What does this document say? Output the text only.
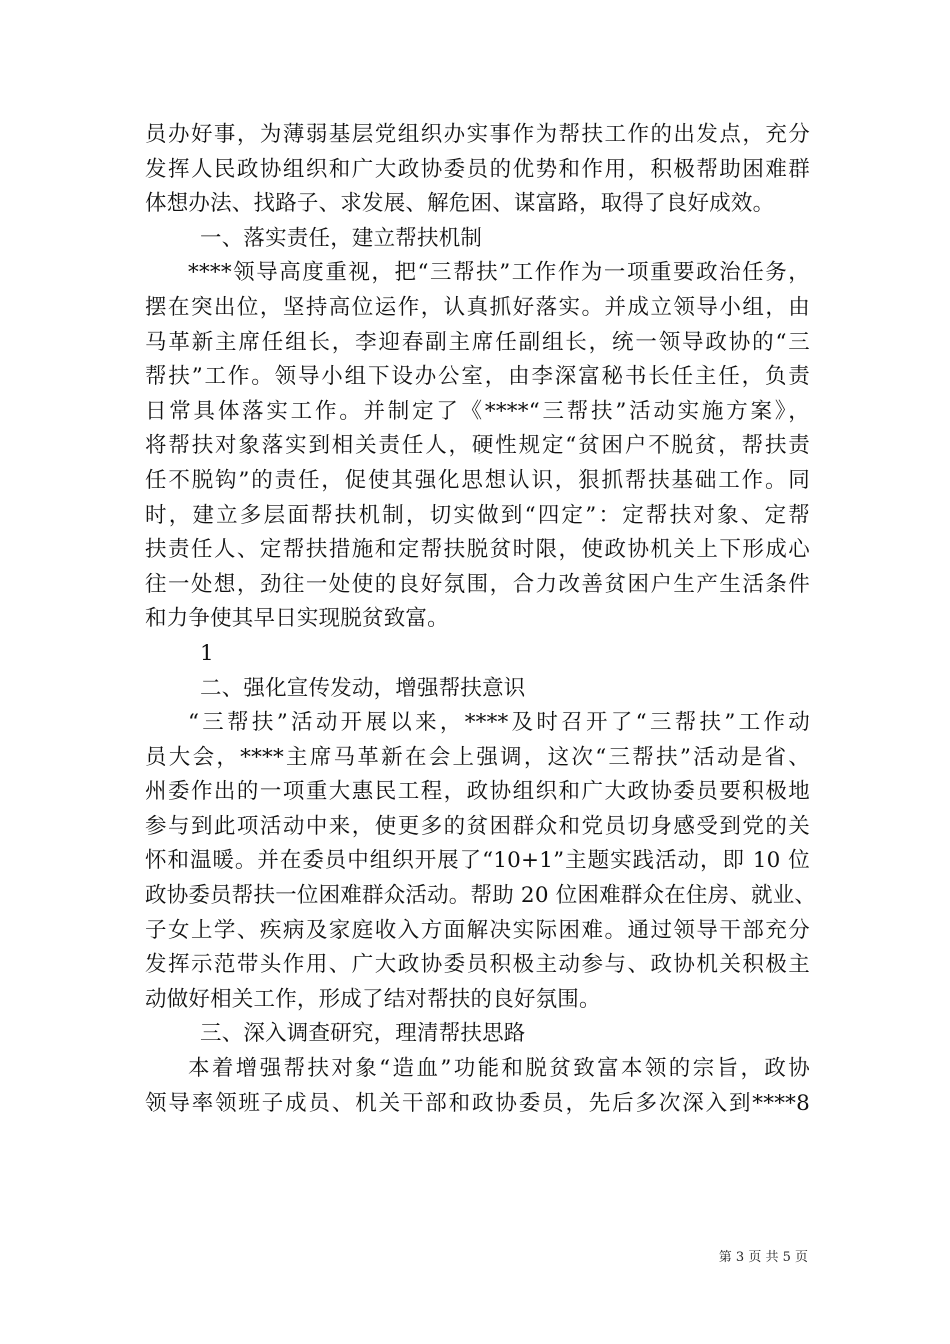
员办好事，为薄弱基层党组织办实事作为帮扶工作的出发点，充分
发挥人民政协组织和广大政协委员的优势和作用，积极帮助困难群
体想办法、找路子、求发展、解危困、谋富路，取得了良好成效。
一、落实责任，建立帮扶机制
****领导高度重视，把“三帮扶”工作作为一项重要政治任务，
摆在突出位，坚持高位运作，认真抓好落实。并成立领导小组，由
马革新主席任组长，李迎春副主席任副组长，统一领导政协的“三
帮扶”工作。领导小组下设办公室，由李深富秘书长任主任，负责
日常具体落实工作。并制定了《****“三帮扶”活动实施方案》，
将帮扶对象落实到相关责任人，硬性规定“贫困户不脱贫，帮扶责
任不脱钩”的责任，促使其强化思想认识，狠抓帮扶基础工作。同
时，建立多层面帮扶机制，切实做到“四定”：定帮扶对象、定帮
扶责任人、定帮扶措施和定帮扶脱贫时限，使政协机关上下形成心
往一处想，劲往一处使的良好氛围，合力改善贫困户生产生活条件
和力争使其早日实现脱贫致富。
1
二、强化宣传发动，增强帮扶意识
“三帮扶”活动开展以来，****及时召开了“三帮扶”工作动
员大会，****主席马革新在会上强调，这次“三帮扶”活动是省、
州委作出的一项重大惠民工程，政协组织和广大政协委员要积极地
参与到此项活动中来，使更多的贫困群众和党员切身感受到党的关
怀和温暖。并在委员中组织开展了“10+1”主题实践活动，即 10 位
政协委员帮扶一位困难群众活动。帮助 20 位困难群众在住房、就业、
子女上学、疾病及家庭收入方面解决实际困难。通过领导干部充分
发挥示范带头作用、广大政协委员积极主动参与、政协机关积极主
动做好相关工作，形成了结对帮扶的良好氛围。
三、深入调查研究，理清帮扶思路
本着增强帮扶对象“造血”功能和脱贫致富本领的宗旨，政协
领导率领班子成员、机关干部和政协委员，先后多次深入到****8
第 3 页 共 5 页
